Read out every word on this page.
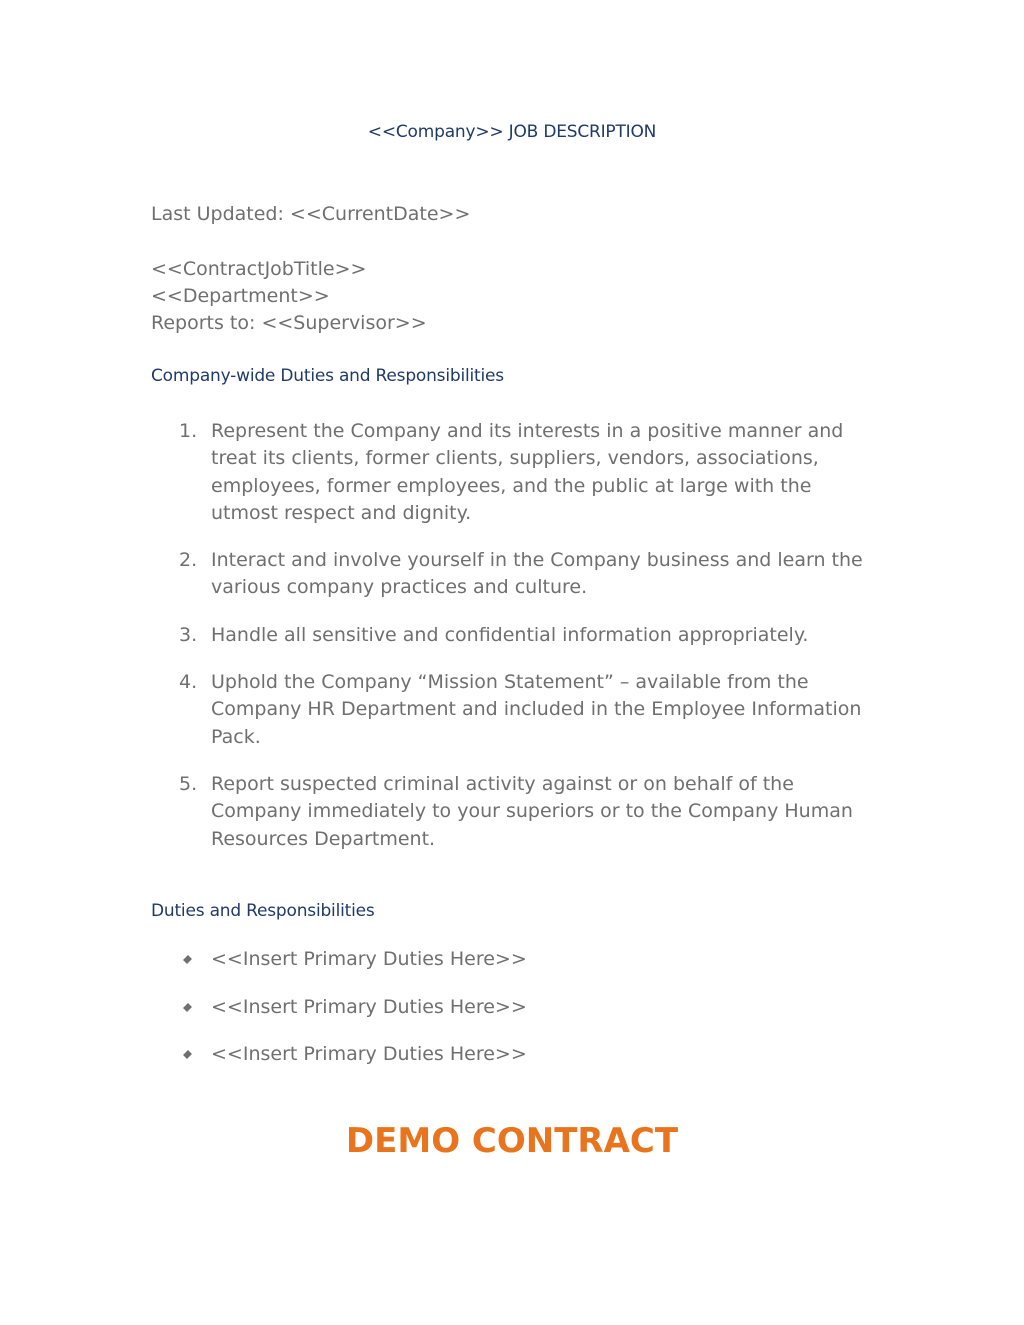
<<Company>> JOB DESCRIPTION
Last Updated: <<CurrentDate>>
<<ContractJobTitle>>
<<Department>>
Reports to: <<Supervisor>>
Company-wide Duties and Responsibilities
1. Represent the Company and its interests in a positive manner and treat its clients, former clients, suppliers, vendors, associations, employees, former employees, and the public at large with the utmost respect and dignity.
2. Interact and involve yourself in the Company business and learn the various company practices and culture.
3. Handle all sensitive and confidential information appropriately.
4. Uphold the Company “Mission Statement” – available from the Company HR Department and included in the Employee Information Pack.
5. Report suspected criminal activity against or on behalf of the Company immediately to your superiors or to the Company Human Resources Department.
Duties and Responsibilities
<<Insert Primary Duties Here>>
<<Insert Primary Duties Here>>
<<Insert Primary Duties Here>>
DEMO CONTRACT
